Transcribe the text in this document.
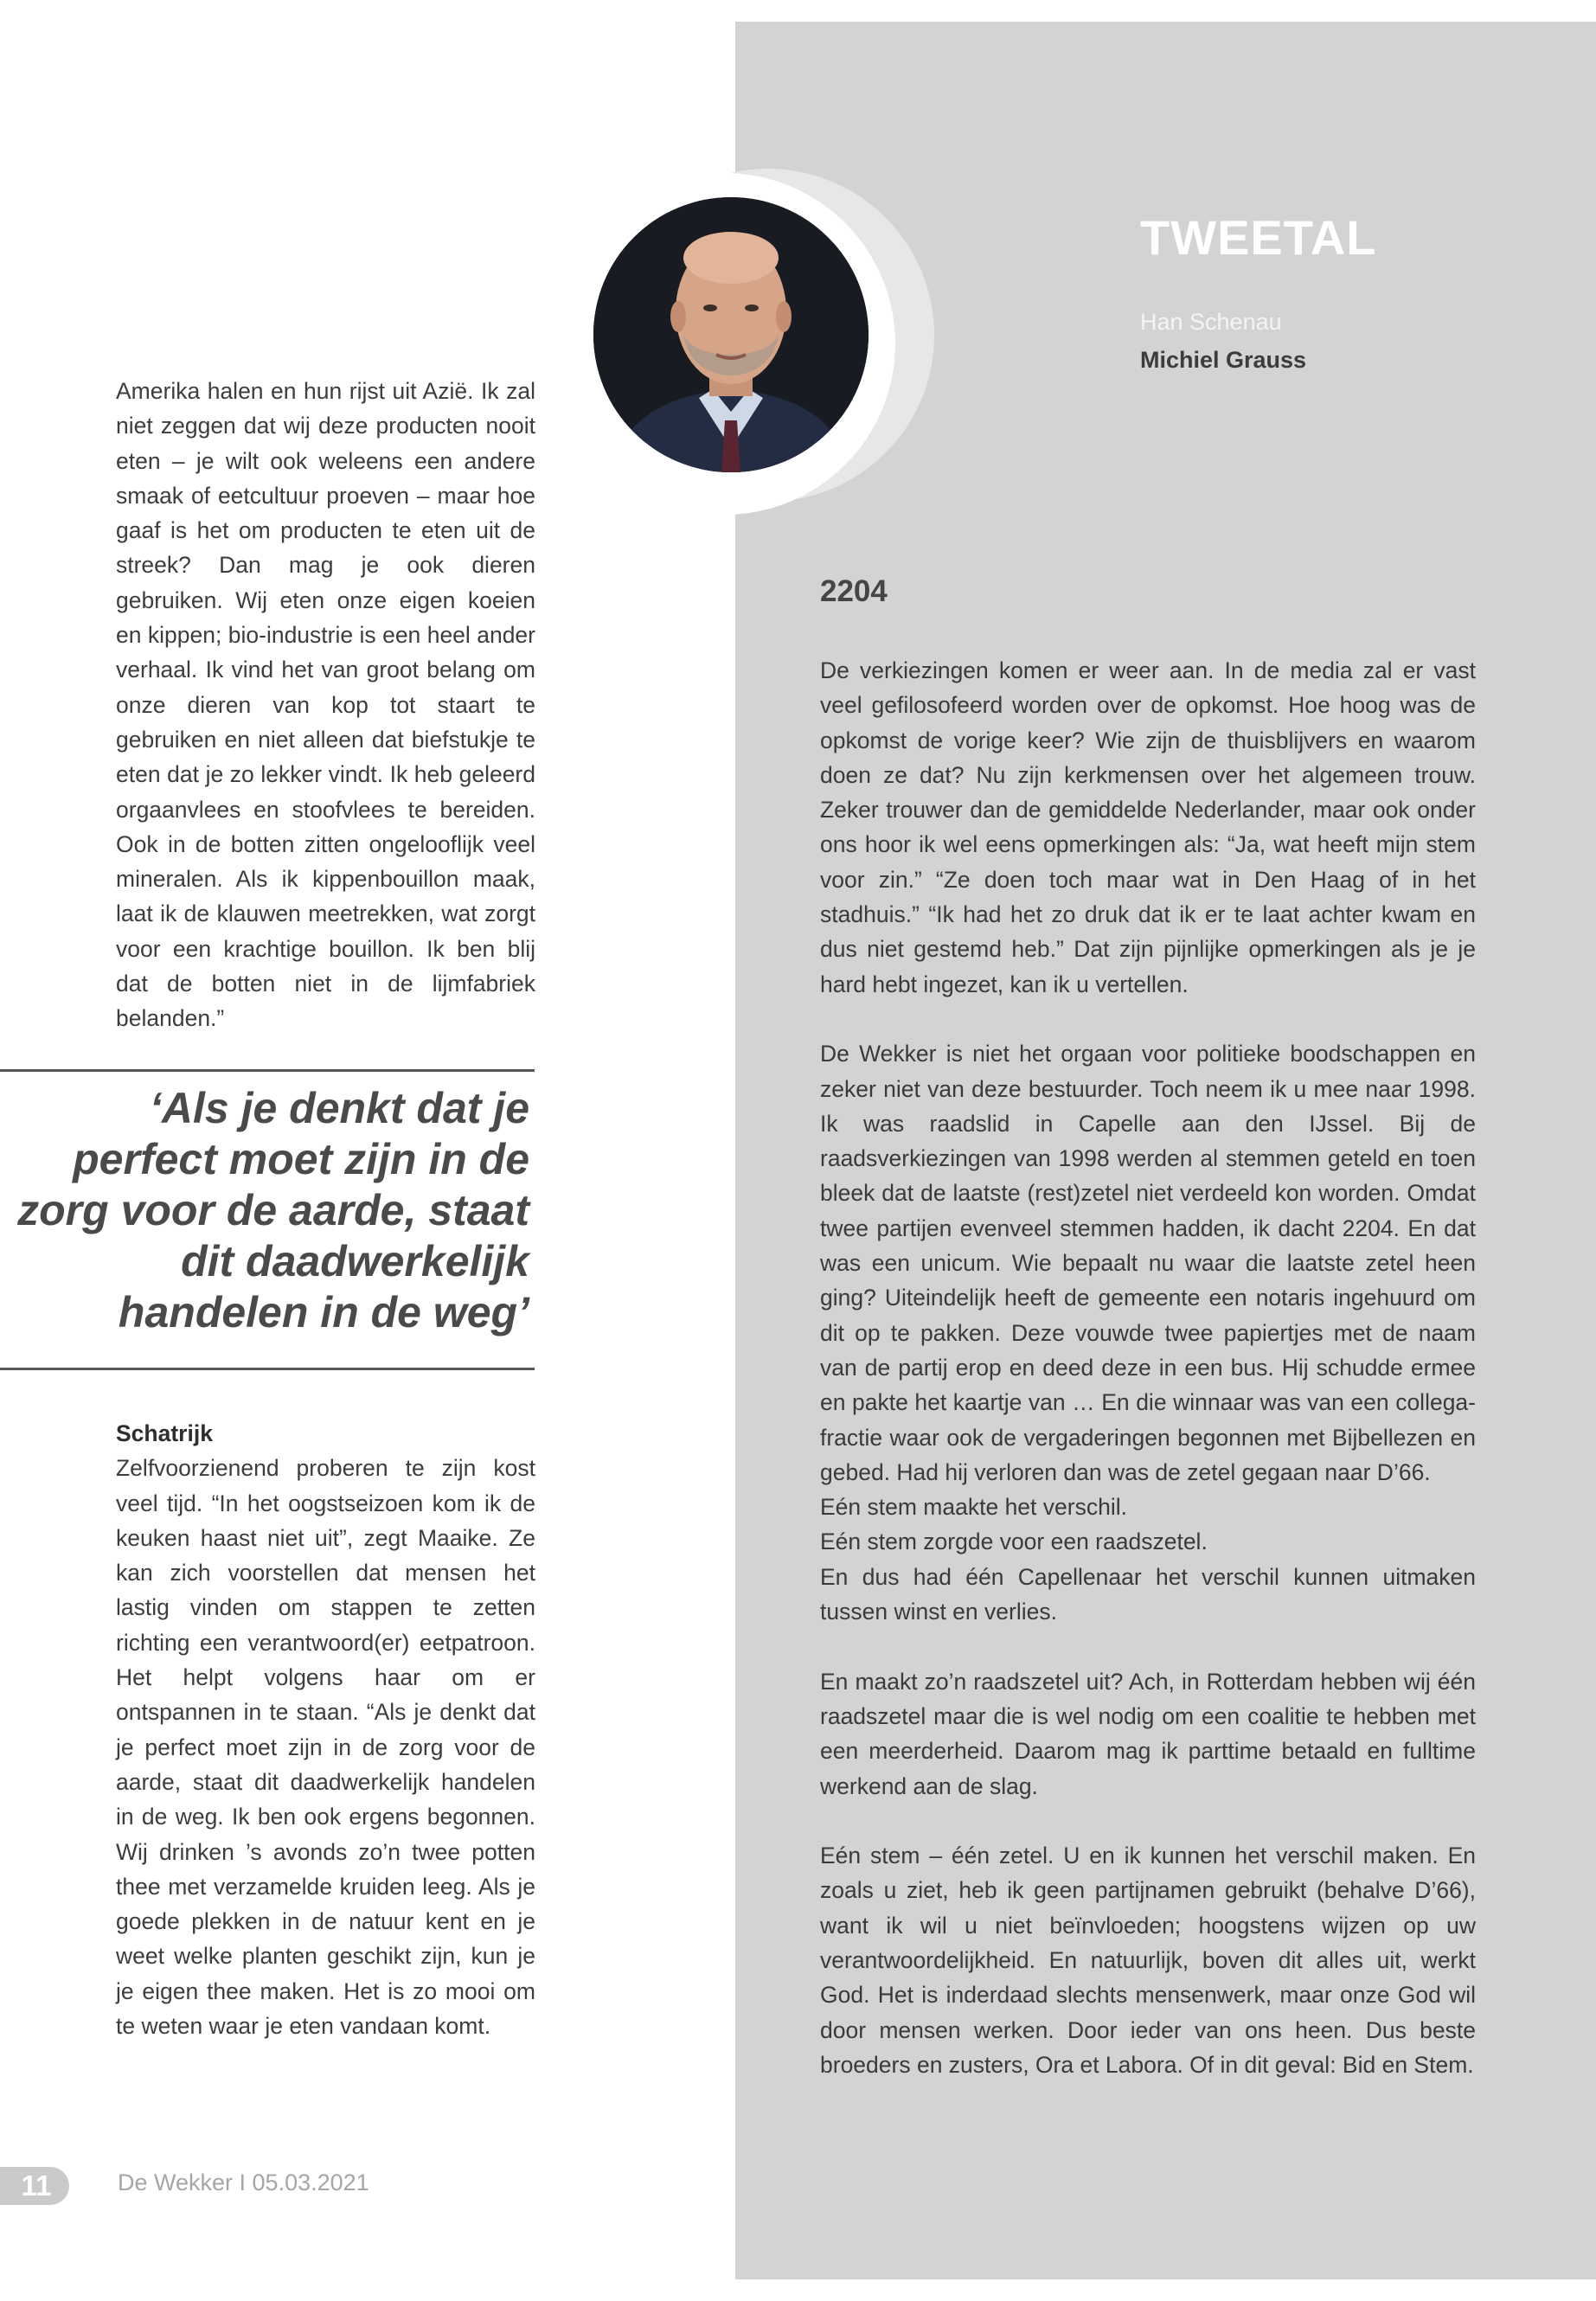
TWEETAL
Han Schenau
Michiel Grauss

Amerika halen en hun rijst uit Azië. Ik zal niet zeggen dat wij deze producten nooit eten – je wilt ook weleens een andere smaak of eetcultuur proeven – maar hoe gaaf is het om producten te eten uit de streek? Dan mag je ook dieren gebruiken. Wij eten onze eigen koeien en kippen; bio-industrie is een heel ander verhaal. Ik vind het van groot belang om onze dieren van kop tot staart te gebruiken en niet alleen dat biefstukje te eten dat je zo lekker vindt. Ik heb geleerd orgaanvlees en stoofvlees te bereiden. Ook in de botten zitten ongelooflijk veel mineralen. Als ik kippenbouillon maak, laat ik de klauwen meetrekken, wat zorgt voor een krachtige bouillon. Ik ben blij dat de botten niet in de lijmfabriek belanden.”

‘Als je denkt dat je perfect moet zijn in de zorg voor de aarde, staat dit daadwerkelijk handelen in de weg’

Schatrijk

Zelfvoorzienend proberen te zijn kost veel tijd. “In het oogstseizoen kom ik de keuken haast niet uit”, zegt Maaike. Ze kan zich voorstellen dat mensen het lastig vinden om stappen te zetten richting een verantwoord(er) eetpatroon. Het helpt volgens haar om er ontspannen in te staan. “Als je denkt dat je perfect moet zijn in de zorg voor de aarde, staat dit daadwerkelijk handelen in de weg. Ik ben ook ergens begonnen. Wij drinken ’s avonds zo’n twee potten thee met verzamelde kruiden leeg. Als je goede plekken in de natuur kent en je weet welke planten geschikt zijn, kun je je eigen thee maken. Het is zo mooi om te weten waar je eten vandaan komt.

2204

De verkiezingen komen er weer aan. In de media zal er vast veel gefilosofeerd worden over de opkomst. Hoe hoog was de opkomst de vorige keer? Wie zijn de thuisblijvers en waarom doen ze dat? Nu zijn kerkmensen over het algemeen trouw. Zeker trouwer dan de gemiddelde Nederlander, maar ook onder ons hoor ik wel eens opmerkingen als: “Ja, wat heeft mijn stem voor zin.” “Ze doen toch maar wat in Den Haag of in het stadhuis.” “Ik had het zo druk dat ik er te laat achter kwam en dus niet gestemd heb.” Dat zijn pijnlijke opmerkingen als je je hard hebt ingezet, kan ik u vertellen.

De Wekker is niet het orgaan voor politieke boodschappen en zeker niet van deze bestuurder. Toch neem ik u mee naar 1998. Ik was raadslid in Capelle aan den IJssel. Bij de raadsverkiezingen van 1998 werden al stemmen geteld en toen bleek dat de laatste (rest)zetel niet verdeeld kon worden. Omdat twee partijen evenveel stemmen hadden, ik dacht 2204. En dat was een unicum. Wie bepaalt nu waar die laatste zetel heen ging? Uiteindelijk heeft de gemeente een notaris ingehuurd om dit op te pakken. Deze vouwde twee papiertjes met de naam van de partij erop en deed deze in een bus. Hij schudde ermee en pakte het kaartje van … En die winnaar was van een collega-fractie waar ook de vergaderingen begonnen met Bijbellezen en gebed. Had hij verloren dan was de zetel gegaan naar D’66.

Eén stem maakte het verschil.

Eén stem zorgde voor een raadszetel.

En dus had één Capellenaar het verschil kunnen uitmaken tussen winst en verlies.

En maakt zo’n raadszetel uit? Ach, in Rotterdam hebben wij één raadszetel maar die is wel nodig om een coalitie te hebben met een meerderheid. Daarom mag ik parttime betaald en fulltime werkend aan de slag.

Eén stem – één zetel. U en ik kunnen het verschil maken. En zoals u ziet, heb ik geen partijnamen gebruikt (behalve D’66), want ik wil u niet beïnvloeden; hoogstens wijzen op uw verantwoordelijkheid. En natuurlijk, boven dit alles uit, werkt God. Het is inderdaad slechts mensenwerk, maar onze God wil door mensen werken. Door ieder van ons heen. Dus beste broeders en zusters, Ora et Labora. Of in dit geval: Bid en Stem.

11	De Wekker I 05.03.2021
